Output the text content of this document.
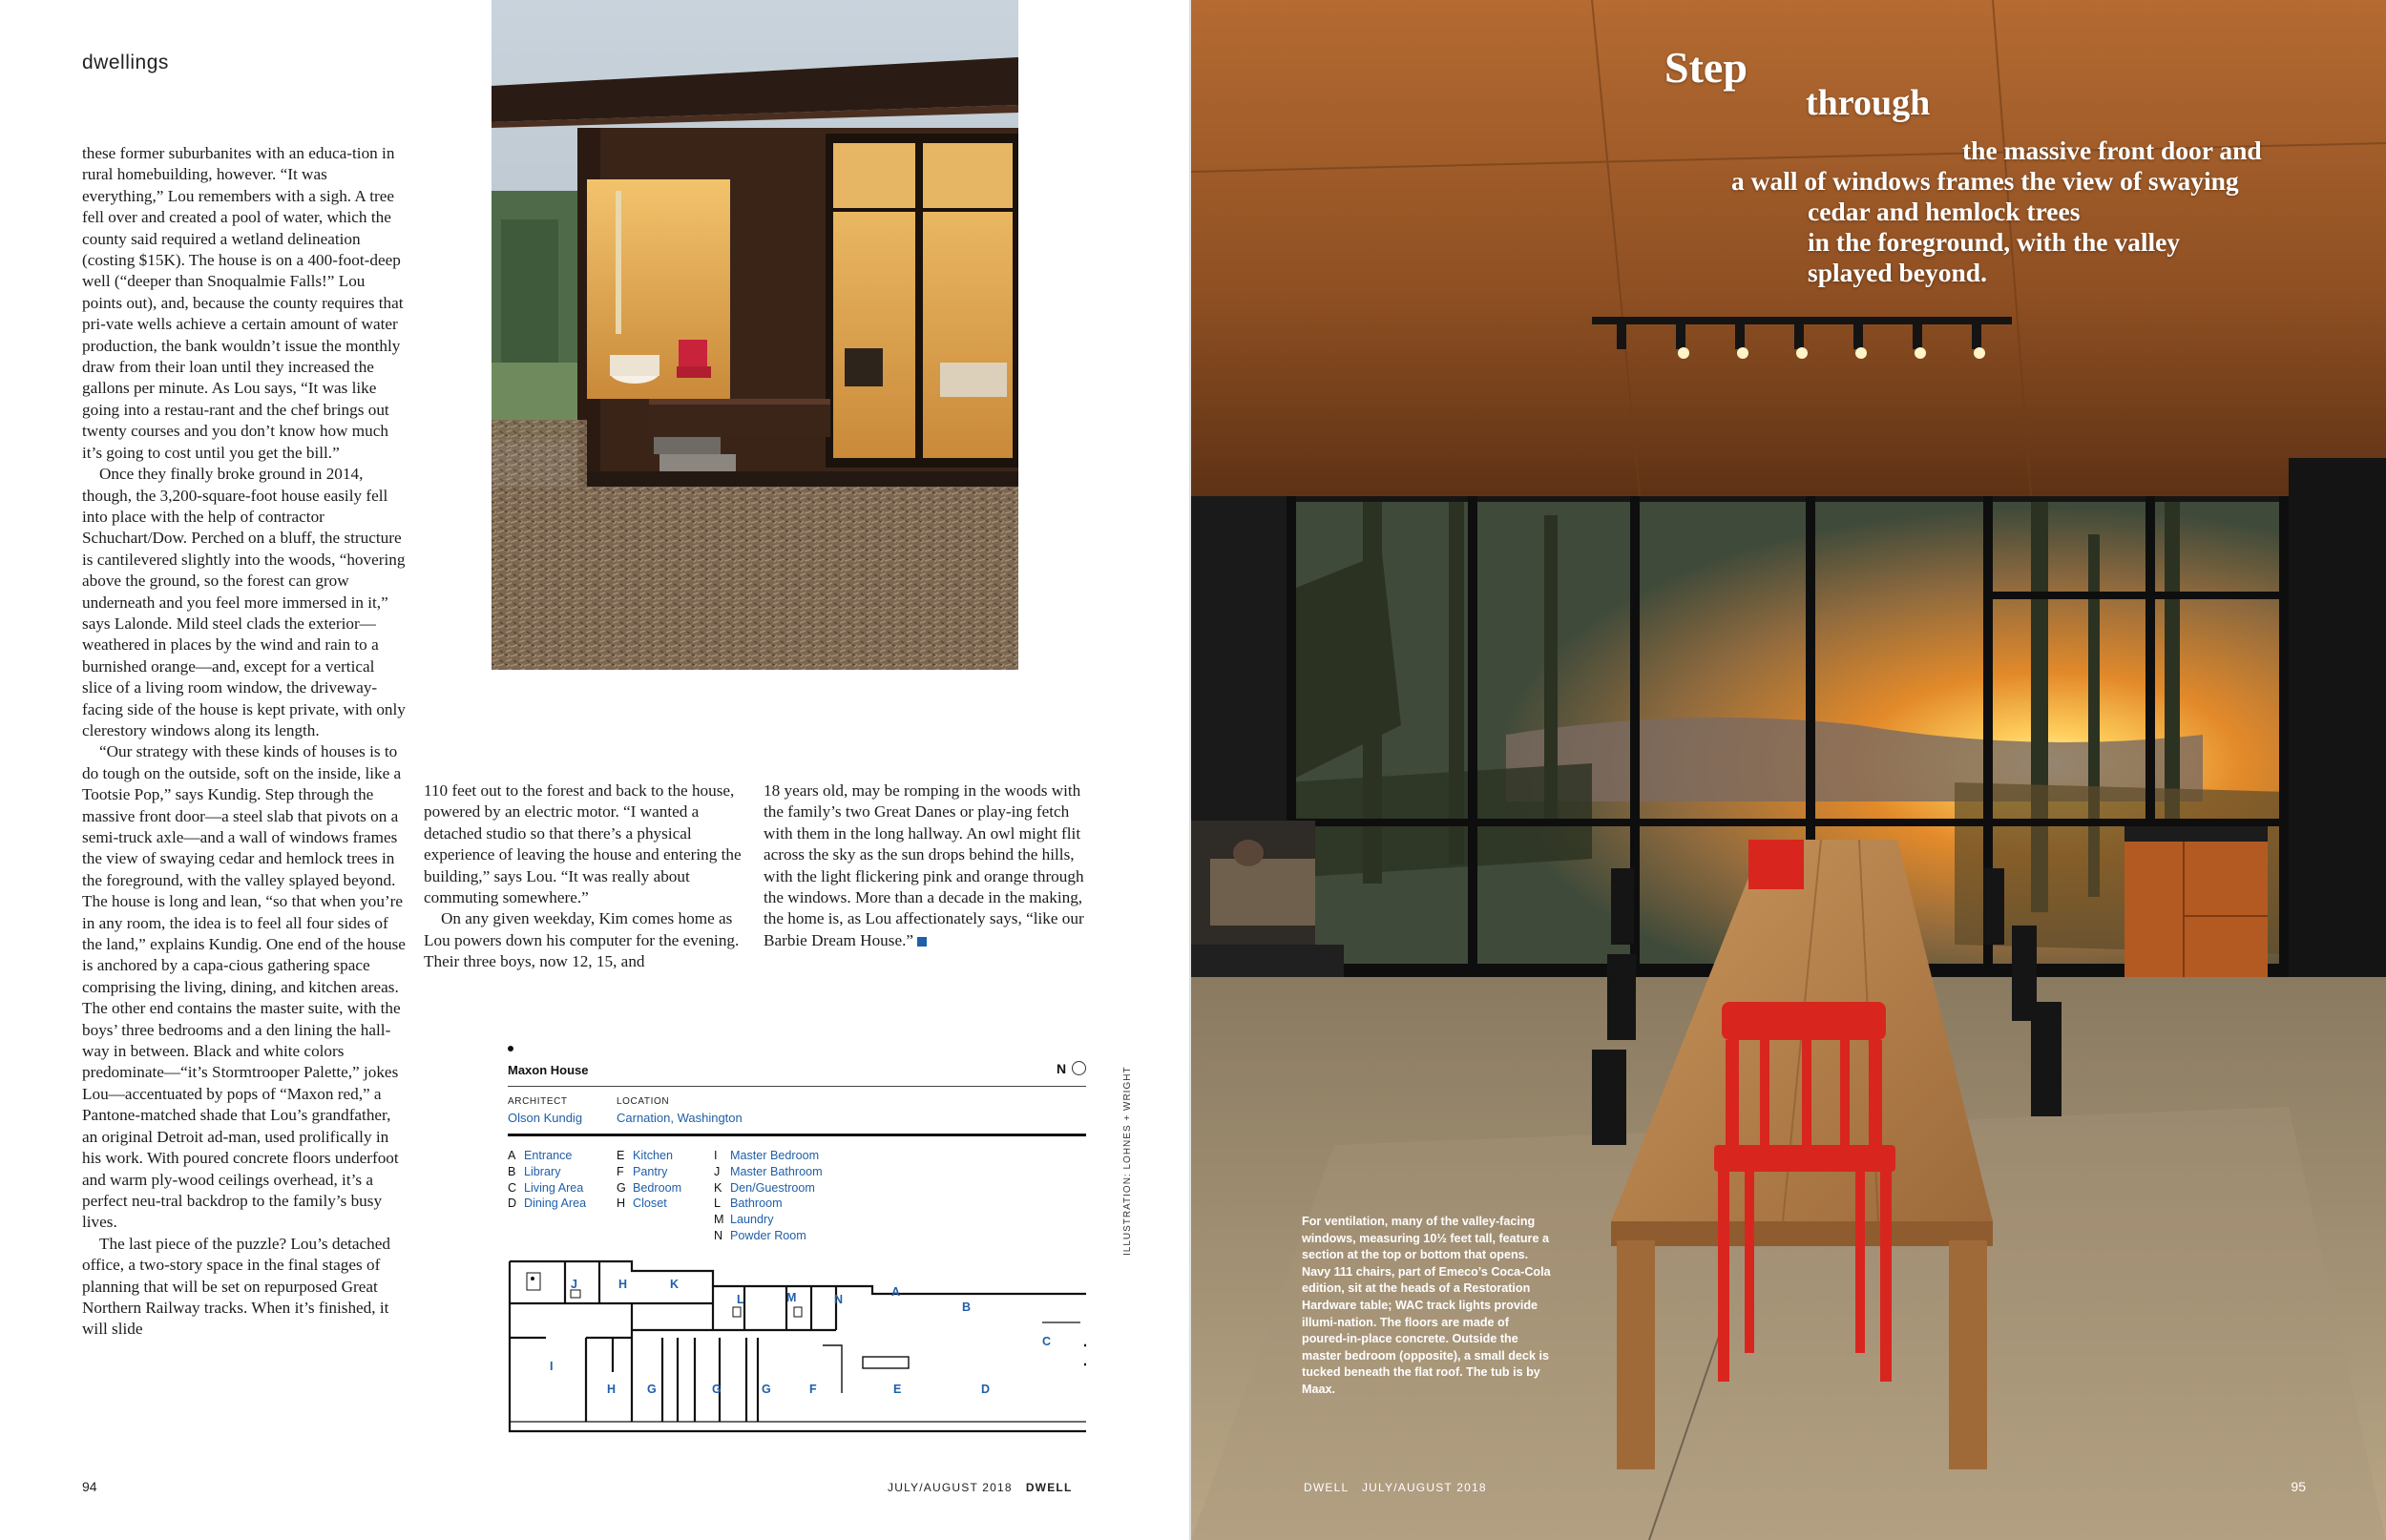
dwellings

these former suburbanites with an educa-tion in rural homebuilding, however. “It was everything,” Lou remembers with a sigh. A tree fell over and created a pool of water, which the county said required a wetland delineation (costing $15K). The house is on a 400-foot-deep well (“deeper than Snoqualmie Falls!” Lou points out), and, because the county requires that pri-vate wells achieve a certain amount of water production, the bank wouldn’t issue the monthly draw from their loan until they increased the gallons per minute. As Lou says, “It was like going into a restau-rant and the chef brings out twenty courses and you don’t know how much it’s going to cost until you get the bill.”

Once they finally broke ground in 2014, though, the 3,200-square-foot house easily fell into place with the help of contractor Schuchart/Dow. Perched on a bluff, the structure is cantilevered slightly into the woods, “hovering above the ground, so the forest can grow underneath and you feel more immersed in it,” says Lalonde. Mild steel clads the exterior—weathered in places by the wind and rain to a burnished orange—and, except for a vertical slice of a living room window, the driveway-facing side of the house is kept private, with only clerestory windows along its length.

“Our strategy with these kinds of houses is to do tough on the outside, soft on the inside, like a Tootsie Pop,” says Kundig. Step through the massive front door—a steel slab that pivots on a semi-truck axle—and a wall of windows frames the view of swaying cedar and hemlock trees in the foreground, with the valley splayed beyond. The house is long and lean, “so that when you’re in any room, the idea is to feel all four sides of the land,” explains Kundig. One end of the house is anchored by a capa-cious gathering space comprising the living, dining, and kitchen areas. The other end contains the master suite, with the boys’ three bedrooms and a den lining the hall-way in between. Black and white colors predominate—“it’s Stormtrooper Palette,” jokes Lou—accentuated by pops of “Maxon red,” a Pantone-matched shade that Lou’s grandfather, an original Detroit ad-man, used prolifically in his work. With poured concrete floors underfoot and warm ply-wood ceilings overhead, it’s a perfect neu-tral backdrop to the family’s busy lives.

The last piece of the puzzle? Lou’s detached office, a two-story space in the final stages of planning that will be set on repurposed Great Northern Railway tracks. When it’s finished, it will slide

110 feet out to the forest and back to the house, powered by an electric motor. “I wanted a detached studio so that there’s a physical experience of leaving the house and entering the building,” says Lou. “It was really about commuting somewhere.”

On any given weekday, Kim comes home as Lou powers down his computer for the evening. Their three boys, now 12, 15, and

18 years old, may be romping in the woods with the family’s two Great Danes or play-ing fetch with them in the long hallway. An owl might flit across the sky as the sun drops behind the hills, with the light flickering pink and orange through the windows. More than a decade in the making, the home is, as Lou affectionately says, “like our Barbie Dream House.”

Maxon House	N
ARCHITECT	LOCATION
Olson Kundig	Carnation, Washington
A Entrance
B Library
C Living Area
D Dining Area
E Kitchen
F Pantry
G Bedroom
H Closet
I Master Bedroom
J Master Bathroom
K Den/Guestroom
L Bathroom
M Laundry
N Powder Room
J	H	K
L	M	N
A
B
C
I
H	G	G	G	F	E	D
ILLUSTRATION: LOHNES + WRIGHT
94	JULY/AUGUST 2018 DWELL
Step
through
the massive front door and
a wall of windows frames the view of swaying
cedar and hemlock trees
in the foreground, with the valley
splayed beyond.
For ventilation, many of the valley-facing windows, measuring 10½ feet tall, feature a section at the top or bottom that opens. Navy 111 chairs, part of Emeco’s Coca-Cola edition, sit at the heads of a Restoration Hardware table; WAC track lights provide illumi-nation. The floors are made of poured-in-place concrete. Outside the master bedroom (opposite), a small deck is tucked beneath the flat roof. The tub is by Maax.
DWELL JULY/AUGUST 2018	95
